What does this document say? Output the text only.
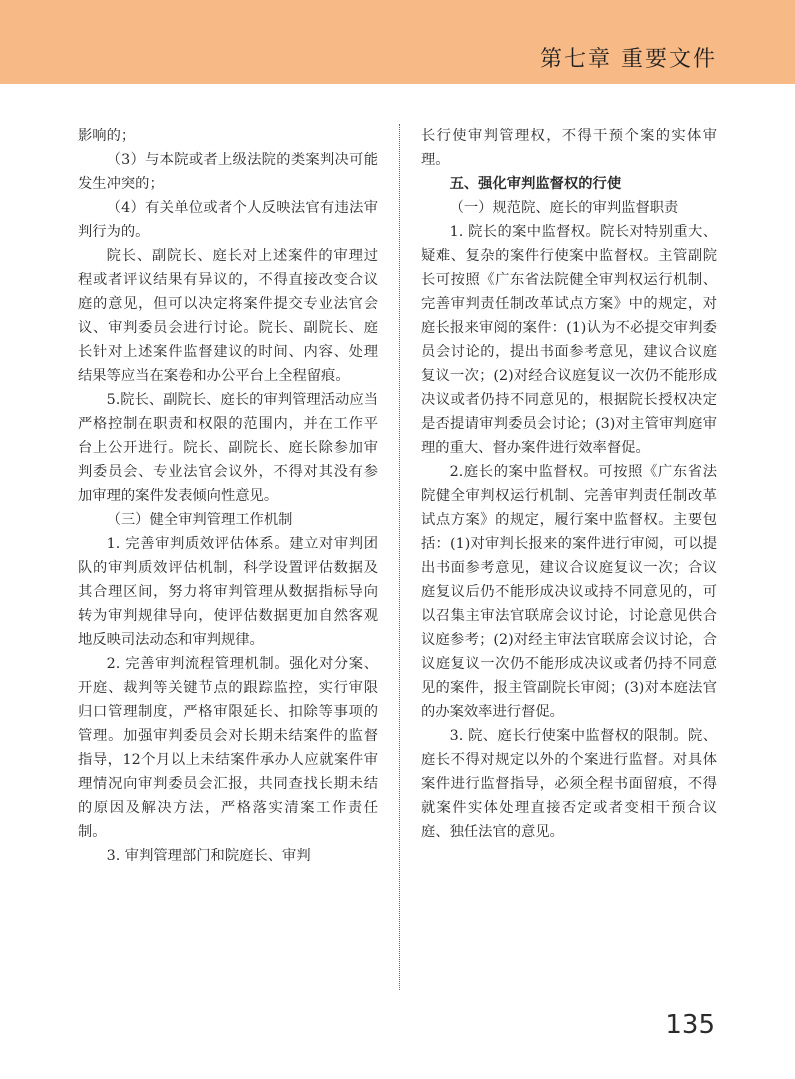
第七章 重要文件

影响的；

（3）与本院或者上级法院的类案判决可能发生冲突的；

（4）有关单位或者个人反映法官有违法审判行为的。

院长、副院长、庭长对上述案件的审理过程或者评议结果有异议的，不得直接改变合议庭的意见，但可以决定将案件提交专业法官会议、审判委员会进行讨论。院长、副院长、庭长针对上述案件监督建议的时间、内容、处理结果等应当在案卷和办公平台上全程留痕。

5.院长、副院长、庭长的审判管理活动应当严格控制在职责和权限的范围内，并在工作平台上公开进行。院长、副院长、庭长除参加审判委员会、专业法官会议外，不得对其没有参加审理的案件发表倾向性意见。

（三）健全审判管理工作机制

1. 完善审判质效评估体系。建立对审判团队的审判质效评估机制，科学设置评估数据及其合理区间，努力将审判管理从数据指标导向转为审判规律导向，使评估数据更加自然客观地反映司法动态和审判规律。

2. 完善审判流程管理机制。强化对分案、开庭、裁判等关键节点的跟踪监控，实行审限归口管理制度，严格审限延长、扣除等事项的管理。加强审判委员会对长期未结案件的监督指导，12个月以上未结案件承办人应就案件审理情况向审判委员会汇报，共同查找长期未结的原因及解决方法，严格落实清案工作责任制。

3. 审判管理部门和院庭长、审判

长行使审判管理权，不得干预个案的实体审理。

五、强化审判监督权的行使

（一）规范院、庭长的审判监督职责

1. 院长的案中监督权。院长对特别重大、疑难、复杂的案件行使案中监督权。主管副院长可按照《广东省法院健全审判权运行机制、完善审判责任制改革试点方案》中的规定，对庭长报来审阅的案件：(1)认为不必提交审判委员会讨论的，提出书面参考意见，建议合议庭复议一次；(2)对经合议庭复议一次仍不能形成决议或者仍持不同意见的，根据院长授权决定是否提请审判委员会讨论；(3)对主管审判庭审理的重大、督办案件进行效率督促。

2.庭长的案中监督权。可按照《广东省法院健全审判权运行机制、完善审判责任制改革试点方案》的规定，履行案中监督权。主要包括：(1)对审判长报来的案件进行审阅，可以提出书面参考意见，建议合议庭复议一次；合议庭复议后仍不能形成决议或持不同意见的，可以召集主审法官联席会议讨论，讨论意见供合议庭参考；(2)对经主审法官联席会议讨论，合议庭复议一次仍不能形成决议或者仍持不同意见的案件，报主管副院长审阅；(3)对本庭法官的办案效率进行督促。

3. 院、庭长行使案中监督权的限制。院、庭长不得对规定以外的个案进行监督。对具体案件进行监督指导，必须全程书面留痕，不得就案件实体处理直接否定或者变相干预合议庭、独任法官的意见。

135
